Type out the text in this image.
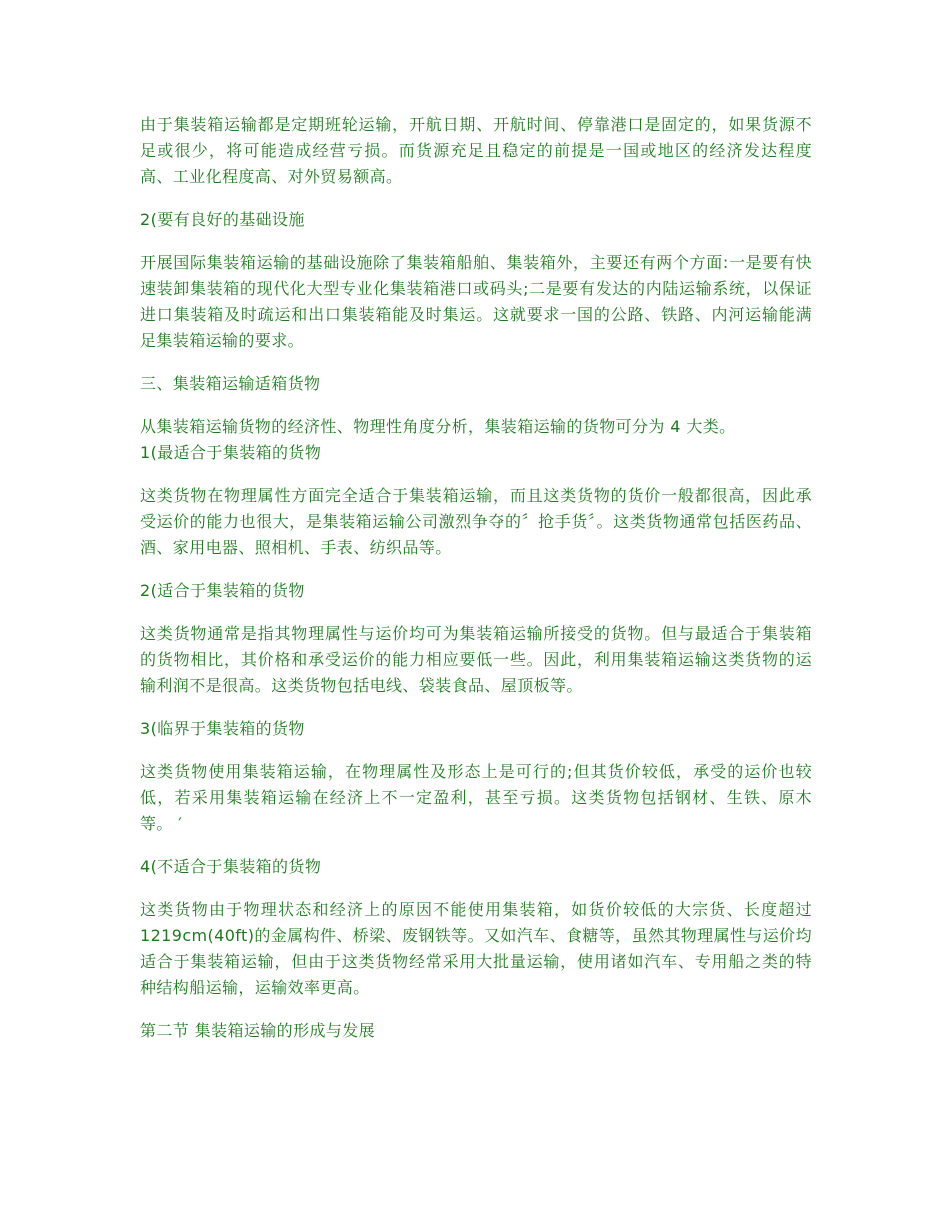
由于集装箱运输都是定期班轮运输，开航日期、开航时间、停靠港口是固定的，如果货源不足或很少，将可能造成经营亏损。而货源充足且稳定的前提是一国或地区的经济发达程度高、工业化程度高、对外贸易额高。

2(要有良好的基础设施

开展国际集装箱运输的基础设施除了集装箱船舶、集装箱外，主要还有两个方面:一是要有快速装卸集装箱的现代化大型专业化集装箱港口或码头;二是要有发达的内陆运输系统，以保证进口集装箱及时疏运和出口集装箱能及时集运。这就要求一国的公路、铁路、内河运输能满足集装箱运输的要求。

三、集装箱运输适箱货物

从集装箱运输货物的经济性、物理性角度分析，集装箱运输的货物可分为 4 大类。

1(最适合于集装箱的货物

这类货物在物理属性方面完全适合于集装箱运输，而且这类货物的货价一般都很高，因此承受运价的能力也很大，是集装箱运输公司激烈争夺的〞抢手货〞。这类货物通常包括医药品、酒、家用电器、照相机、手表、纺织品等。

2(适合于集装箱的货物

这类货物通常是指其物理属性与运价均可为集装箱运输所接受的货物。但与最适合于集装箱的货物相比，其价格和承受运价的能力相应要低一些。因此，利用集装箱运输这类货物的运输利润不是很高。这类货物包括电线、袋装食品、屋顶板等。

3(临界于集装箱的货物

这类货物使用集装箱运输，在物理属性及形态上是可行的;但其货价较低，承受的运价也较低，若采用集装箱运输在经济上不一定盈利，甚至亏损。这类货物包括钢材、生铁、原木等。 ′

4(不适合于集装箱的货物

这类货物由于物理状态和经济上的原因不能使用集装箱，如货价较低的大宗货、长度超过 1219cm(40ft)的金属构件、桥梁、废钢铁等。又如汽车、食糖等，虽然其物理属性与运价均适合于集装箱运输，但由于这类货物经常采用大批量运输，使用诸如汽车、专用船之类的特种结构船运输，运输效率更高。

第二节 集装箱运输的形成与发展
